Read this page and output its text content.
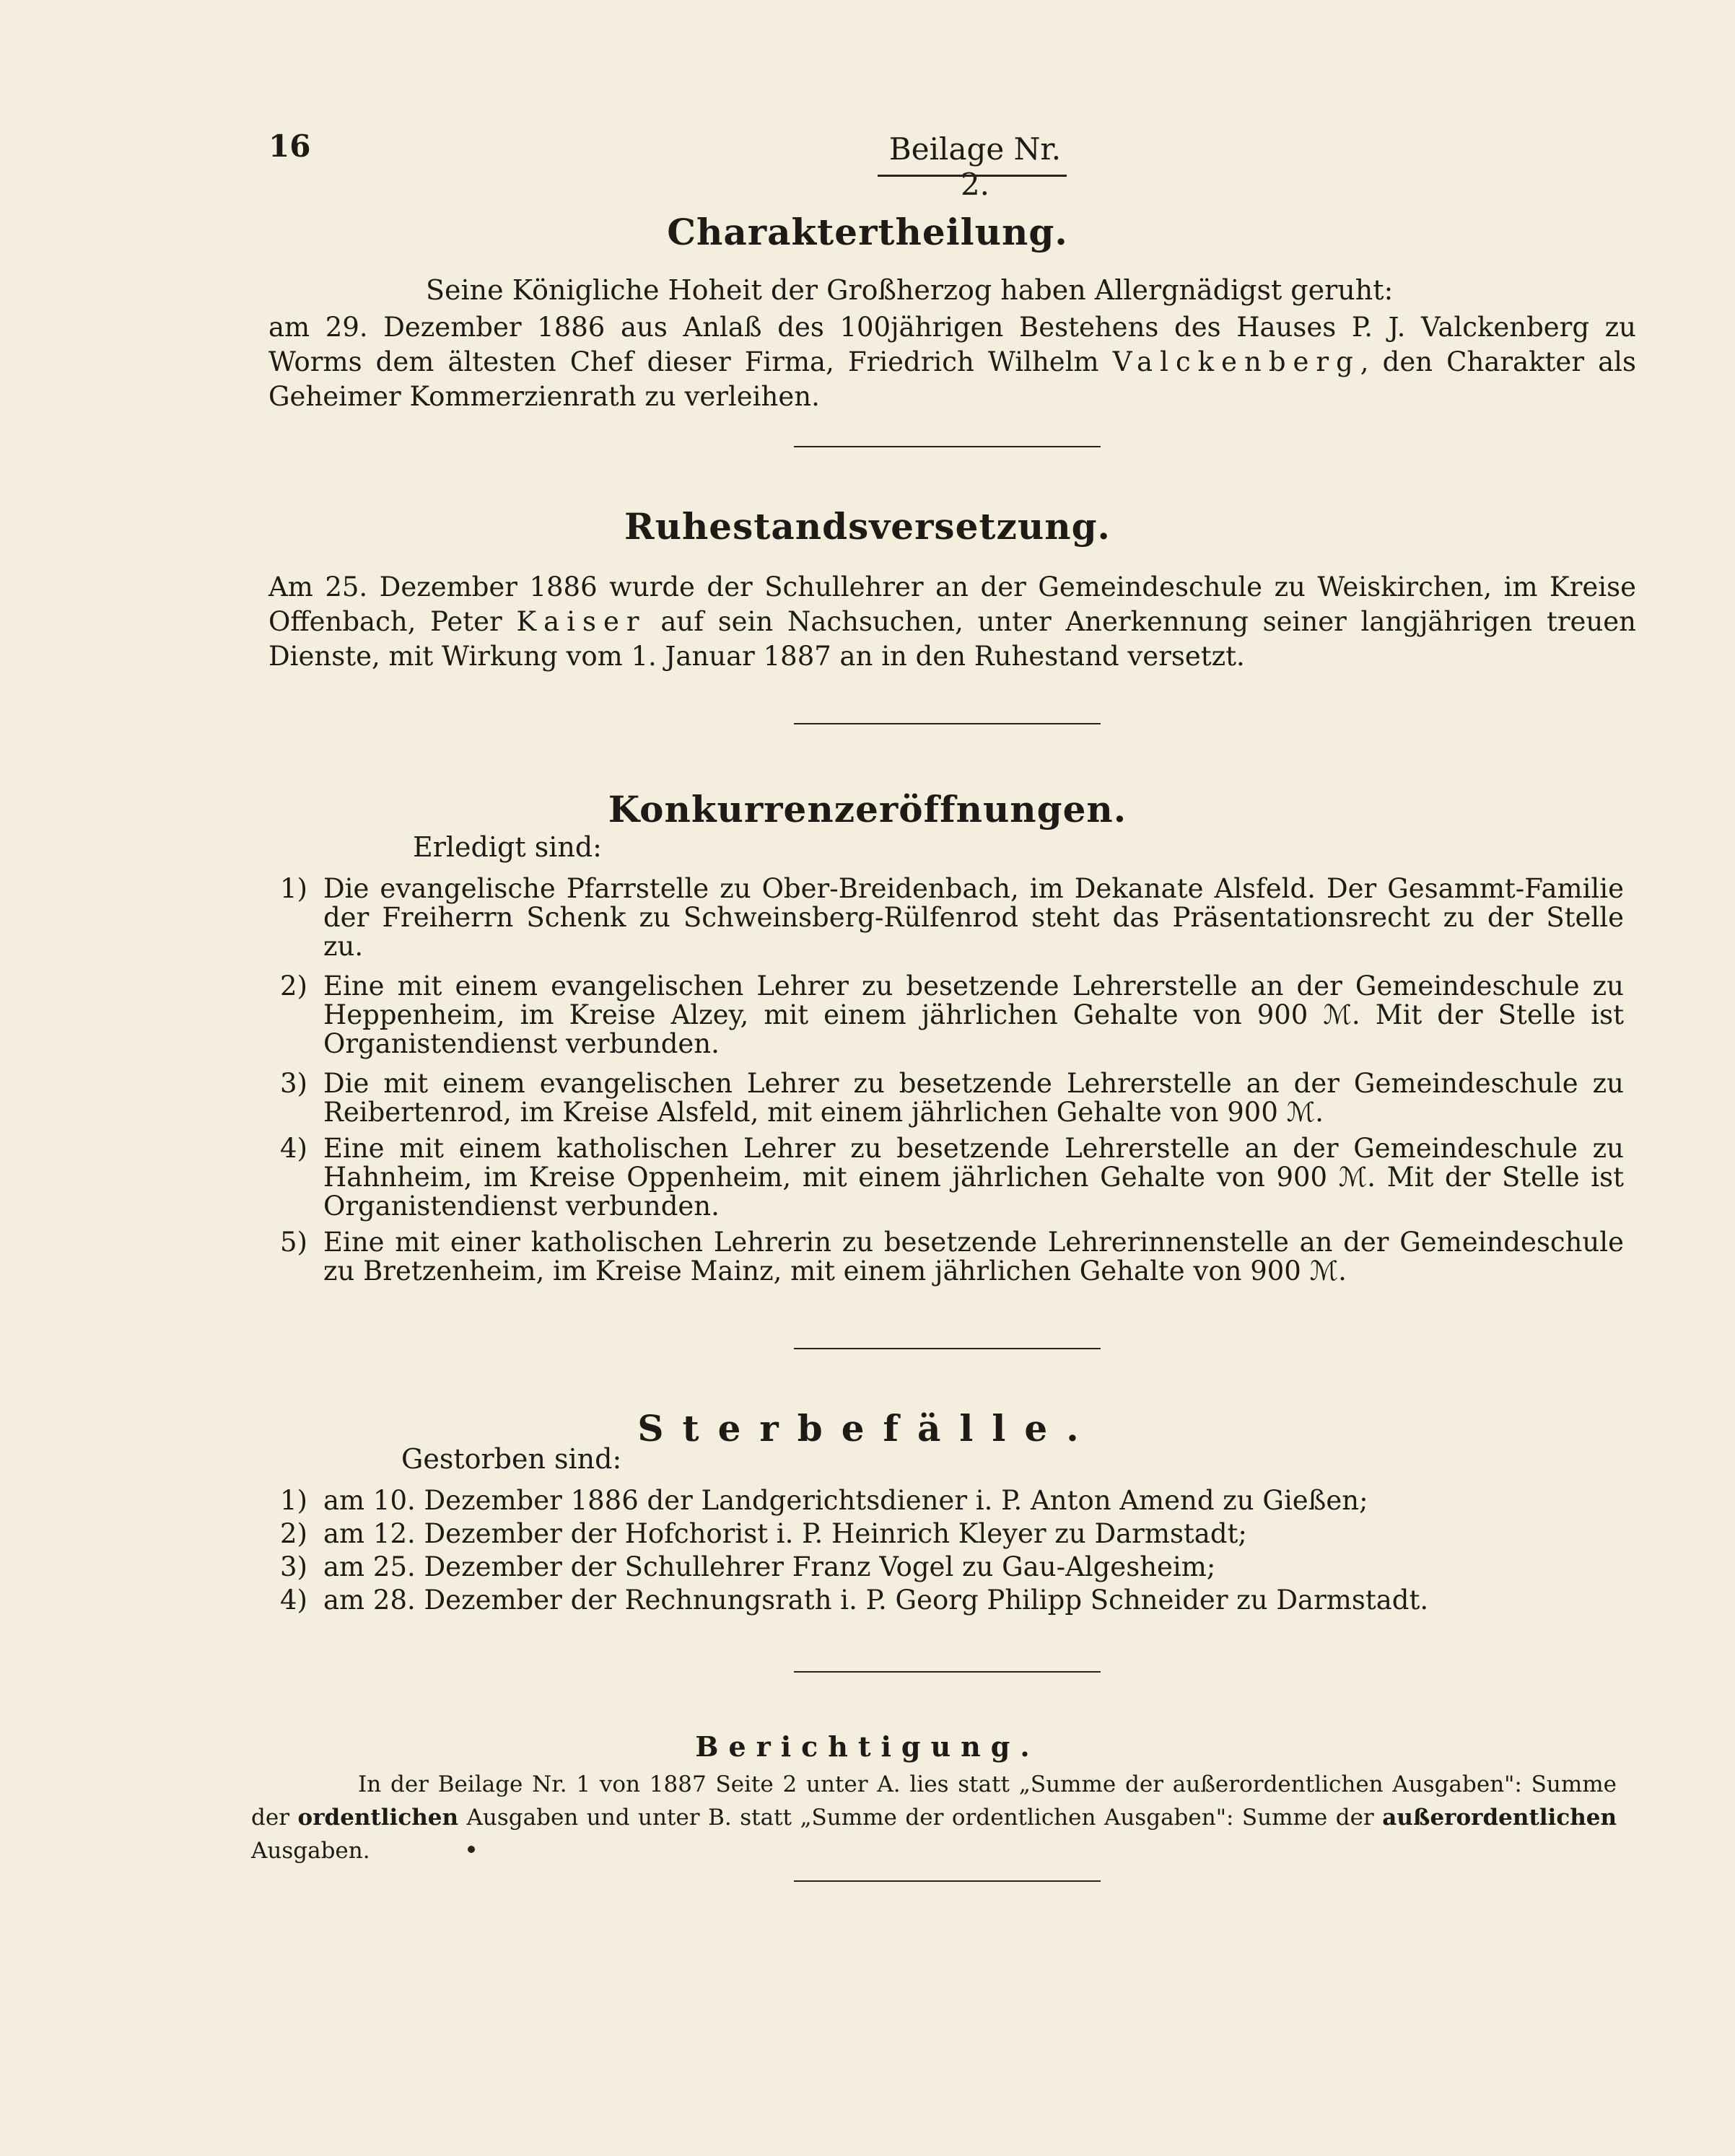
16	Beilage Nr. 2.
Charaktertheilung.
Seine Königliche Hoheit der Großherzog haben Allergnädigst geruht:
am 29. Dezember 1886 aus Anlaß des 100jährigen Bestehens des Hauses P. J. Valckenberg zu Worms dem ältesten Chef dieser Firma, Friedrich Wilhelm Valckenberg, den Charakter als Geheimer Kommerzienrath zu verleihen.
Ruhestandsversetzung.
Am 25. Dezember 1886 wurde der Schullehrer an der Gemeindeschule zu Weiskirchen, im Kreise Offenbach, Peter Kaiser auf sein Nachsuchen, unter Anerkennung seiner langjährigen treuen Dienste, mit Wirkung vom 1. Januar 1887 an in den Ruhestand versetzt.
Konkurrenzeröffnungen.
Erledigt sind:
1) Die evangelische Pfarrstelle zu Ober-Breidenbach, im Dekanate Alsfeld. Der Gesammt-Familie der Freiherrn Schenk zu Schweinsberg-Rülfenrod steht das Präsentationsrecht zu der Stelle zu.
2) Eine mit einem evangelischen Lehrer zu besetzende Lehrerstelle an der Gemeindeschule zu Heppenheim, im Kreise Alzey, mit einem jährlichen Gehalte von 900 ℳ. Mit der Stelle ist Organistendienst verbunden.
3) Die mit einem evangelischen Lehrer zu besetzende Lehrerstelle an der Gemeindeschule zu Reibertenrod, im Kreise Alsfeld, mit einem jährlichen Gehalte von 900 ℳ.
4) Eine mit einem katholischen Lehrer zu besetzende Lehrerstelle an der Gemeindeschule zu Hahnheim, im Kreise Oppenheim, mit einem jährlichen Gehalte von 900 ℳ. Mit der Stelle ist Organistendienst verbunden.
5) Eine mit einer katholischen Lehrerin zu besetzende Lehrerinnenstelle an der Gemeindeschule zu Bretzenheim, im Kreise Mainz, mit einem jährlichen Gehalte von 900 ℳ.
Sterbefälle.
Gestorben sind:
1) am 10. Dezember 1886 der Landgerichtsdiener i. P. Anton Amend zu Gießen;
2) am 12. Dezember der Hofchorist i. P. Heinrich Kleyer zu Darmstadt;
3) am 25. Dezember der Schullehrer Franz Vogel zu Gau-Algesheim;
4) am 28. Dezember der Rechnungsrath i. P. Georg Philipp Schneider zu Darmstadt.
Berichtigung.
In der Beilage Nr. 1 von 1887 Seite 2 unter A. lies statt „Summe der außerordentlichen Ausgaben": Summe der ordentlichen Ausgaben und unter B. statt „Summe der ordentlichen Ausgaben": Summe der außerordentlichen Ausgaben.
